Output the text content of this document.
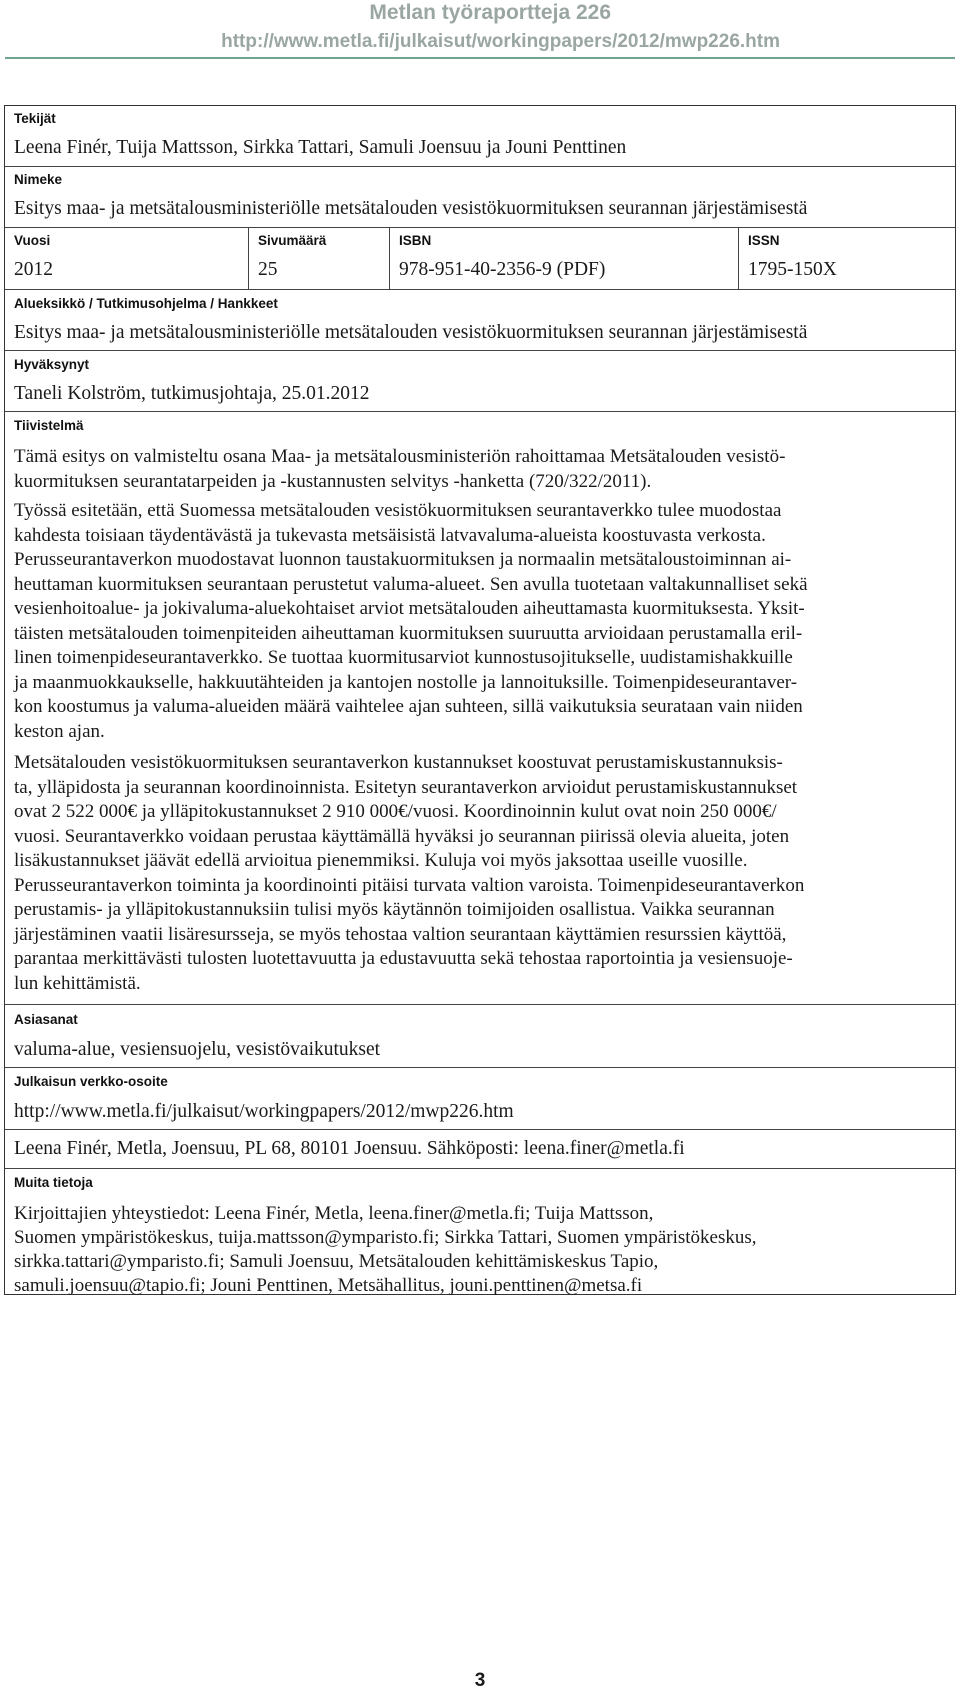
Metlan työraportteja 226
http://www.metla.fi/julkaisut/workingpapers/2012/mwp226.htm
Tekijät
Leena Finér, Tuija Mattsson, Sirkka Tattari, Samuli Joensuu ja Jouni Penttinen
Nimeke
Esitys maa- ja metsätalousministeriölle metsätalouden vesistökuormituksen seurannan järjestämisestä
Vuosi
2012
Sivumäärä
25
ISBN
978-951-40-2356-9 (PDF)
ISSN
1795-150X
Alueksikkö / Tutkimusohjelma / Hankkeet
Esitys maa- ja metsätalousministeriölle metsätalouden vesistökuormituksen seurannan järjestämisestä
Hyväksynyt
Taneli Kolström, tutkimusjohtaja, 25.01.2012
Tiivistelmä
Tämä esitys on valmisteltu osana Maa- ja metsätalousministeriön rahoittamaa Metsätalouden vesistö-
kuormituksen seurantatarpeiden ja -kustannusten selvitys -hanketta (720/322/2011).
Työssä esitetään, että Suomessa metsätalouden vesistökuormituksen seurantaverkko tulee muodostaa
kahdesta toisiaan täydentävästä ja tukevasta metsäisistä latvavaluma-alueista koostuvasta verkosta.
Perusseurantaverkon muodostavat luonnon taustakuormituksen ja normaalin metsätaloustoiminnan ai-
heuttaman kuormituksen seurantaan perustetut valuma-alueet. Sen avulla tuotetaan valtakunnalliset sekä
vesienhoitoalue- ja jokivaluma-aluekohtaiset arviot metsätalouden aiheuttamasta kuormituksesta. Yksit-
täisten metsätalouden toimenpiteiden aiheuttaman kuormituksen suuruutta arvioidaan perustamalla eril-
linen toimenpideseurantaverkko. Se tuottaa kuormitusarviot kunnostusojitukselle, uudistamishakkuille
ja maanmuokkaukselle, hakkuutähteiden ja kantojen nostolle ja lannoituksille. Toimenpideseurantaver-
kon koostumus ja valuma-alueiden määrä vaihtelee ajan suhteen, sillä vaikutuksia seurataan vain niiden
keston ajan.
Metsätalouden vesistökuormituksen seurantaverkon kustannukset koostuvat perustamiskustannuksis-
ta, ylläpidosta ja seurannan koordinoinnista. Esitetyn seurantaverkon arvioidut perustamiskustannukset
ovat 2 522 000€ ja ylläpitokustannukset 2 910 000€/vuosi. Koordinoinnin kulut ovat noin 250 000€/
vuosi. Seurantaverkko voidaan perustaa käyttämällä hyväksi jo seurannan piirissä olevia alueita, joten
lisäkustannukset jäävät edellä arvioitua pienemmiksi. Kuluja voi myös jaksottaa useille vuosille.
Perusseurantaverkon toiminta ja koordinointi pitäisi turvata valtion varoista. Toimenpideseurantaverkon
perustamis- ja ylläpitokustannuksiin tulisi myös käytännön toimijoiden osallistua. Vaikka seurannan
järjestäminen vaatii lisäresursseja, se myös tehostaa valtion seurantaan käyttämien resurssien käyttöä,
parantaa merkittävästi tulosten luotettavuutta ja edustavuutta sekä tehostaa raportointia ja vesiensuoje-
lun kehittämistä.
Asiasanat
valuma-alue, vesiensuojelu, vesistövaikutukset
Julkaisun verkko-osoite
http://www.metla.fi/julkaisut/workingpapers/2012/mwp226.htm
Leena Finér, Metla, Joensuu, PL 68, 80101 Joensuu. Sähköposti: leena.finer@metla.fi
Muita tietoja
Kirjoittajien yhteystiedot: Leena Finér, Metla, leena.finer@metla.fi; Tuija Mattsson,
Suomen ympäristökeskus, tuija.mattsson@ymparisto.fi; Sirkka Tattari, Suomen ympäristökeskus,
sirkka.tattari@ymparisto.fi; Samuli Joensuu, Metsätalouden kehittämiskeskus Tapio,
samuli.joensuu@tapio.fi; Jouni Penttinen, Metsähallitus, jouni.penttinen@metsa.fi
3
